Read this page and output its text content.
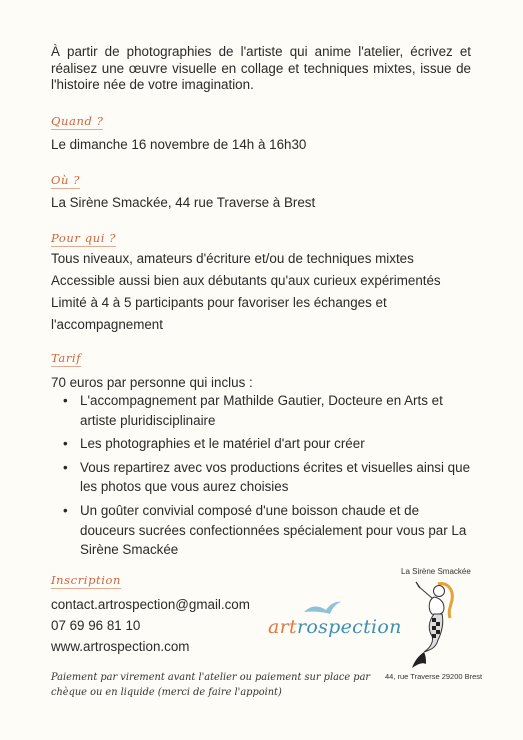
À partir de photographies de l'artiste qui anime l'atelier, écrivez et réalisez une œuvre visuelle en collage et techniques mixtes, issue de l'histoire née de votre imagination.
Quand ?
Le dimanche 16 novembre de 14h à 16h30
Où ?
La Sirène Smackée, 44 rue Traverse à Brest
Pour qui ?

Tous niveaux, amateurs d'écriture et/ou de techniques mixtes

Accessible aussi bien aux débutants qu'aux curieux expérimentés

Limité à 4 à 5 participants pour favoriser les échanges et l'accompagnement

Tarif
70 euros par personne qui inclus :
• L'accompagnement par Mathilde Gautier, Docteure en Arts et artiste pluridisciplinaire
• Les photographies et le matériel d'art pour créer
• Vous repartirez avec vos productions écrites et visuelles ainsi que les photos que vous aurez choisies
• Un goûter convivial composé d'une boisson chaude et de douceurs sucrées confectionnées spécialement pour vous par La Sirène Smackée
Inscription
contact.artrospection@gmail.com
07 69 96 81 10
www.artrospection.com
Paiement par virement avant l'atelier ou paiement sur place par chèque ou en liquide (merci de faire l'appoint)
artrospection
La Sirène Smackée
44, rue Traverse 29200 Brest
